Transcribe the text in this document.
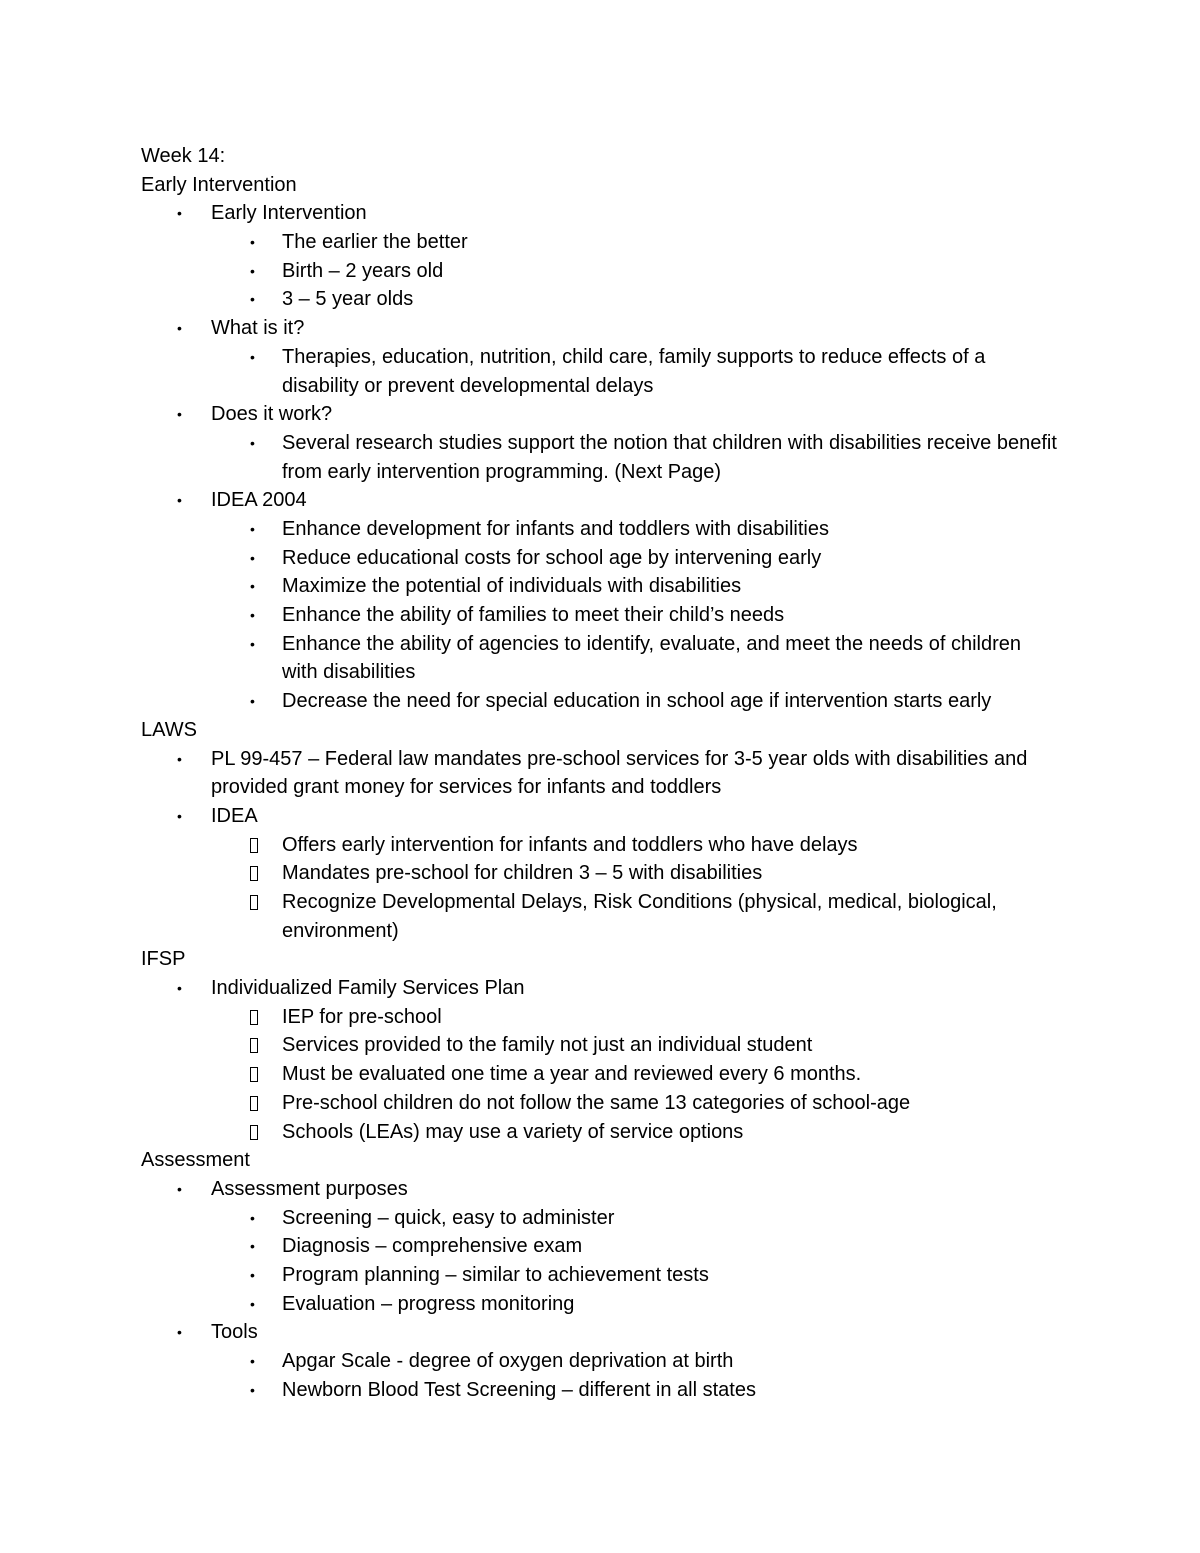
Week 14:
Early Intervention
• Early Intervention
• The earlier the better
• Birth – 2 years old
• 3 – 5 year olds
• What is it?
• Therapies, education, nutrition, child care, family supports to reduce effects of a disability or prevent developmental delays
• Does it work?
• Several research studies support the notion that children with disabilities receive benefit from early intervention programming. (Next Page)
• IDEA 2004
• Enhance development for infants and toddlers with disabilities
• Reduce educational costs for school age by intervening early
• Maximize the potential of individuals with disabilities
• Enhance the ability of families to meet their child’s needs
• Enhance the ability of agencies to identify, evaluate, and meet the needs of children with disabilities
• Decrease the need for special education in school age if intervention starts early
LAWS
• PL 99-457 – Federal law mandates pre-school services for 3-5 year olds with disabilities and provided grant money for services for infants and toddlers
• IDEA
Offers early intervention for infants and toddlers who have delays
Mandates pre-school for children 3 – 5 with disabilities
Recognize Developmental Delays, Risk Conditions (physical, medical, biological, environment)
IFSP
• Individualized Family Services Plan
IEP for pre-school
Services provided to the family not just an individual student
Must be evaluated one time a year and reviewed every 6 months.
Pre-school children do not follow the same 13 categories of school-age
Schools (LEAs) may use a variety of service options
Assessment
• Assessment purposes
• Screening – quick, easy to administer
• Diagnosis – comprehensive exam
• Program planning – similar to achievement tests
• Evaluation – progress monitoring
• Tools
• Apgar Scale - degree of oxygen deprivation at birth
• Newborn Blood Test Screening – different in all states
